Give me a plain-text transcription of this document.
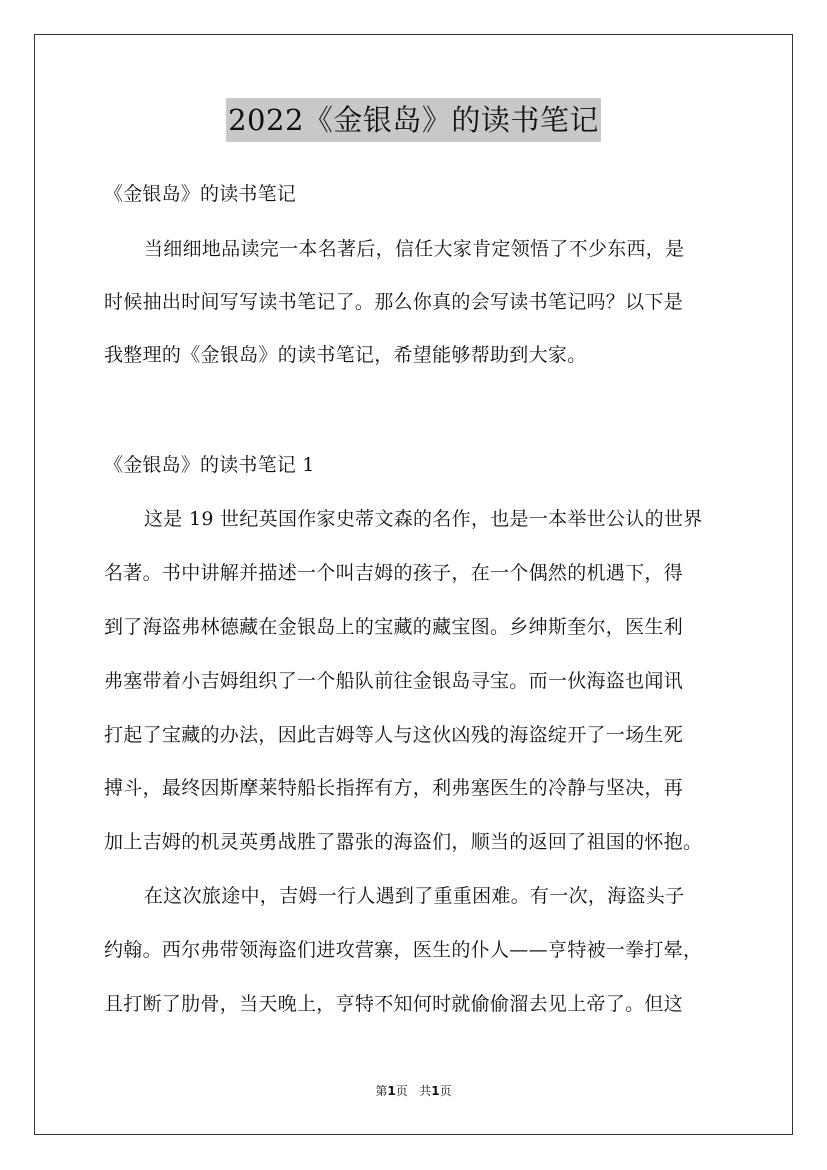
2022《金银岛》的读书笔记
《金银岛》的读书笔记
当细细地品读完一本名著后，信任大家肯定领悟了不少东西，是
时候抽出时间写写读书笔记了。那么你真的会写读书笔记吗？以下是
我整理的《金银岛》的读书笔记，希望能够帮助到大家。
《金银岛》的读书笔记 1
这是 19 世纪英国作家史蒂文森的名作，也是一本举世公认的世界
名著。书中讲解并描述一个叫吉姆的孩子，在一个偶然的机遇下，得
到了海盗弗林德藏在金银岛上的宝藏的藏宝图。乡绅斯奎尔，医生利
弗塞带着小吉姆组织了一个船队前往金银岛寻宝。而一伙海盗也闻讯
打起了宝藏的办法，因此吉姆等人与这伙凶残的海盗绽开了一场生死
搏斗，最终因斯摩莱特船长指挥有方，利弗塞医生的冷静与坚决，再
加上吉姆的机灵英勇战胜了嚣张的海盗们，顺当的返回了祖国的怀抱。
在这次旅途中，吉姆一行人遇到了重重困难。有一次，海盗头子
约翰。西尔弗带领海盗们进攻营寨，医生的仆人——亨特被一拳打晕，
且打断了肋骨，当天晚上，亨特不知何时就偷偷溜去见上帝了。但这
第1页 共1页
